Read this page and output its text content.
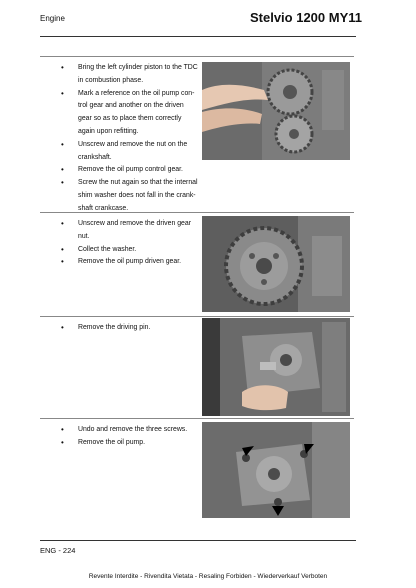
Engine	Stelvio 1200 MY11
• Bring the left cylinder piston to the TDC in combustion phase.
• Mark a reference on the oil pump con-trol gear and another on the driven gear so as to place them correctly again upon refitting.
• Unscrew and remove the nut on the crankshaft.
• Remove the oil pump control gear.
• Screw the nut again so that the internal shim washer does not fall in the crank-shaft crankcase.
• Unscrew and remove the driven gear nut.
• Collect the washer.
• Remove the oil pump driven gear.
• Remove the driving pin.
• Undo and remove the three screws.
• Remove the oil pump.
ENG - 224
Revente Interdite - Rivendita Vietata - Resaling Forbiden - Wiederverkauf Verboten
